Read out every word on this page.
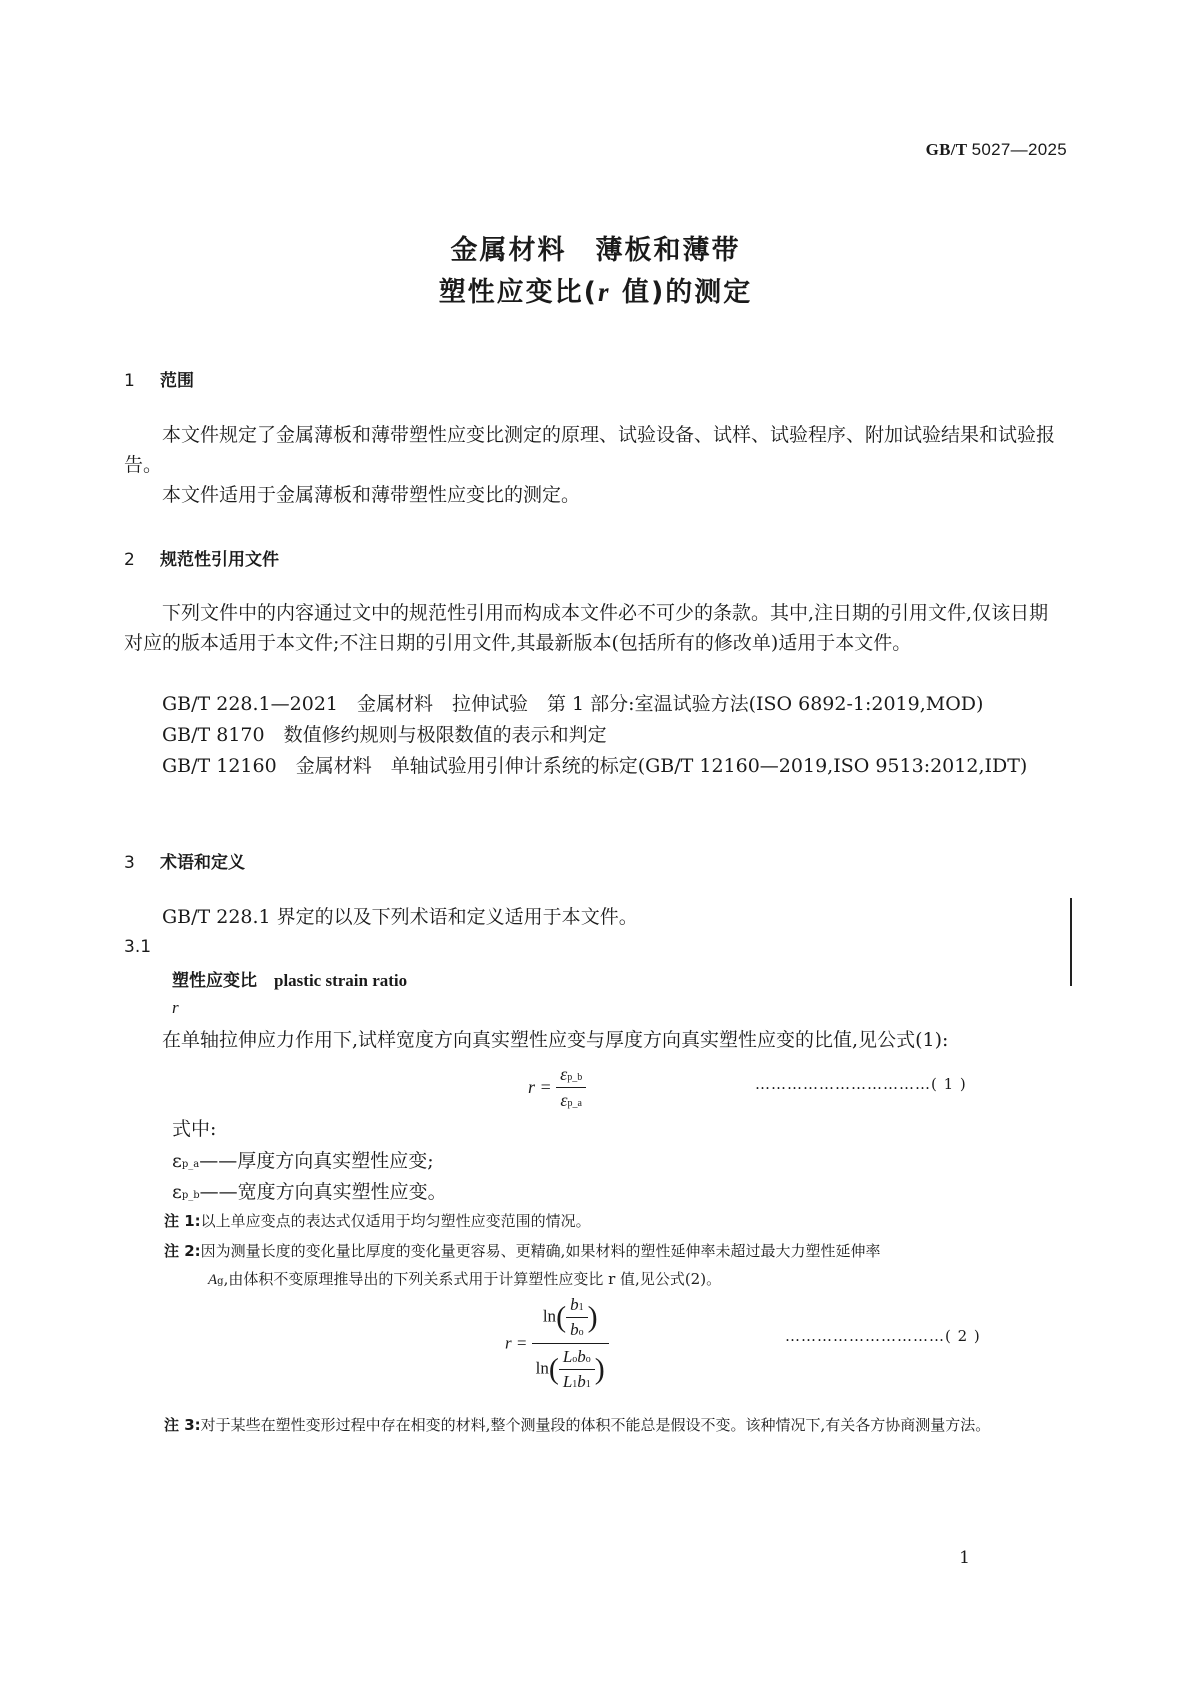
GB/T 5027—2025
金属材料　薄板和薄带
塑性应变比(r 值)的测定
1 范围
本文件规定了金属薄板和薄带塑性应变比测定的原理、试验设备、试样、试验程序、附加试验结果和试验报告。
本文件适用于金属薄板和薄带塑性应变比的测定。
2 规范性引用文件
下列文件中的内容通过文中的规范性引用而构成本文件必不可少的条款。其中,注日期的引用文件,仅该日期对应的版本适用于本文件;不注日期的引用文件,其最新版本(包括所有的修改单)适用于本文件。
GB/T 228.1—2021　金属材料　拉伸试验　第 1 部分:室温试验方法(ISO 6892-1:2019,MOD)
GB/T 8170　数值修约规则与极限数值的表示和判定
GB/T 12160　金属材料　单轴试验用引伸计系统的标定(GB/T 12160—2019,ISO 9513:2012,IDT)
3 术语和定义
GB/T 228.1 界定的以及下列术语和定义适用于本文件。
3.1
塑性应变比　 plastic strain ratio
r
在单轴拉伸应力作用下,试样宽度方向真实塑性应变与厚度方向真实塑性应变的比值,见公式(1):
$r = \frac{\varepsilon p\_b}{\varepsilon p\_a}$	……………………………( 1 )
式中:
εp_a——厚度方向真实塑性应变;
εp_b——宽度方向真实塑性应变。
注 1:以上单应变点的表达式仅适用于均匀塑性应变范围的情况。
注 2:因为测量长度的变化量比厚度的变化量更容易、更精确,如果材料的塑性延伸率未超过最大力塑性延伸率
Ag,由体积不变原理推导出的下列关系式用于计算塑性应变比 r 值,见公式(2)。
$r = \frac{\ln( \frac{b1}{bo} )}{\ln( \frac{\text{Lobo}}{L1b1} )}$	…………………………( 2 )
注 3:对于某些在塑性变形过程中存在相变的材料,整个测量段的体积不能总是假设不变。该种情况下,有关各方协商测量方法。
1
